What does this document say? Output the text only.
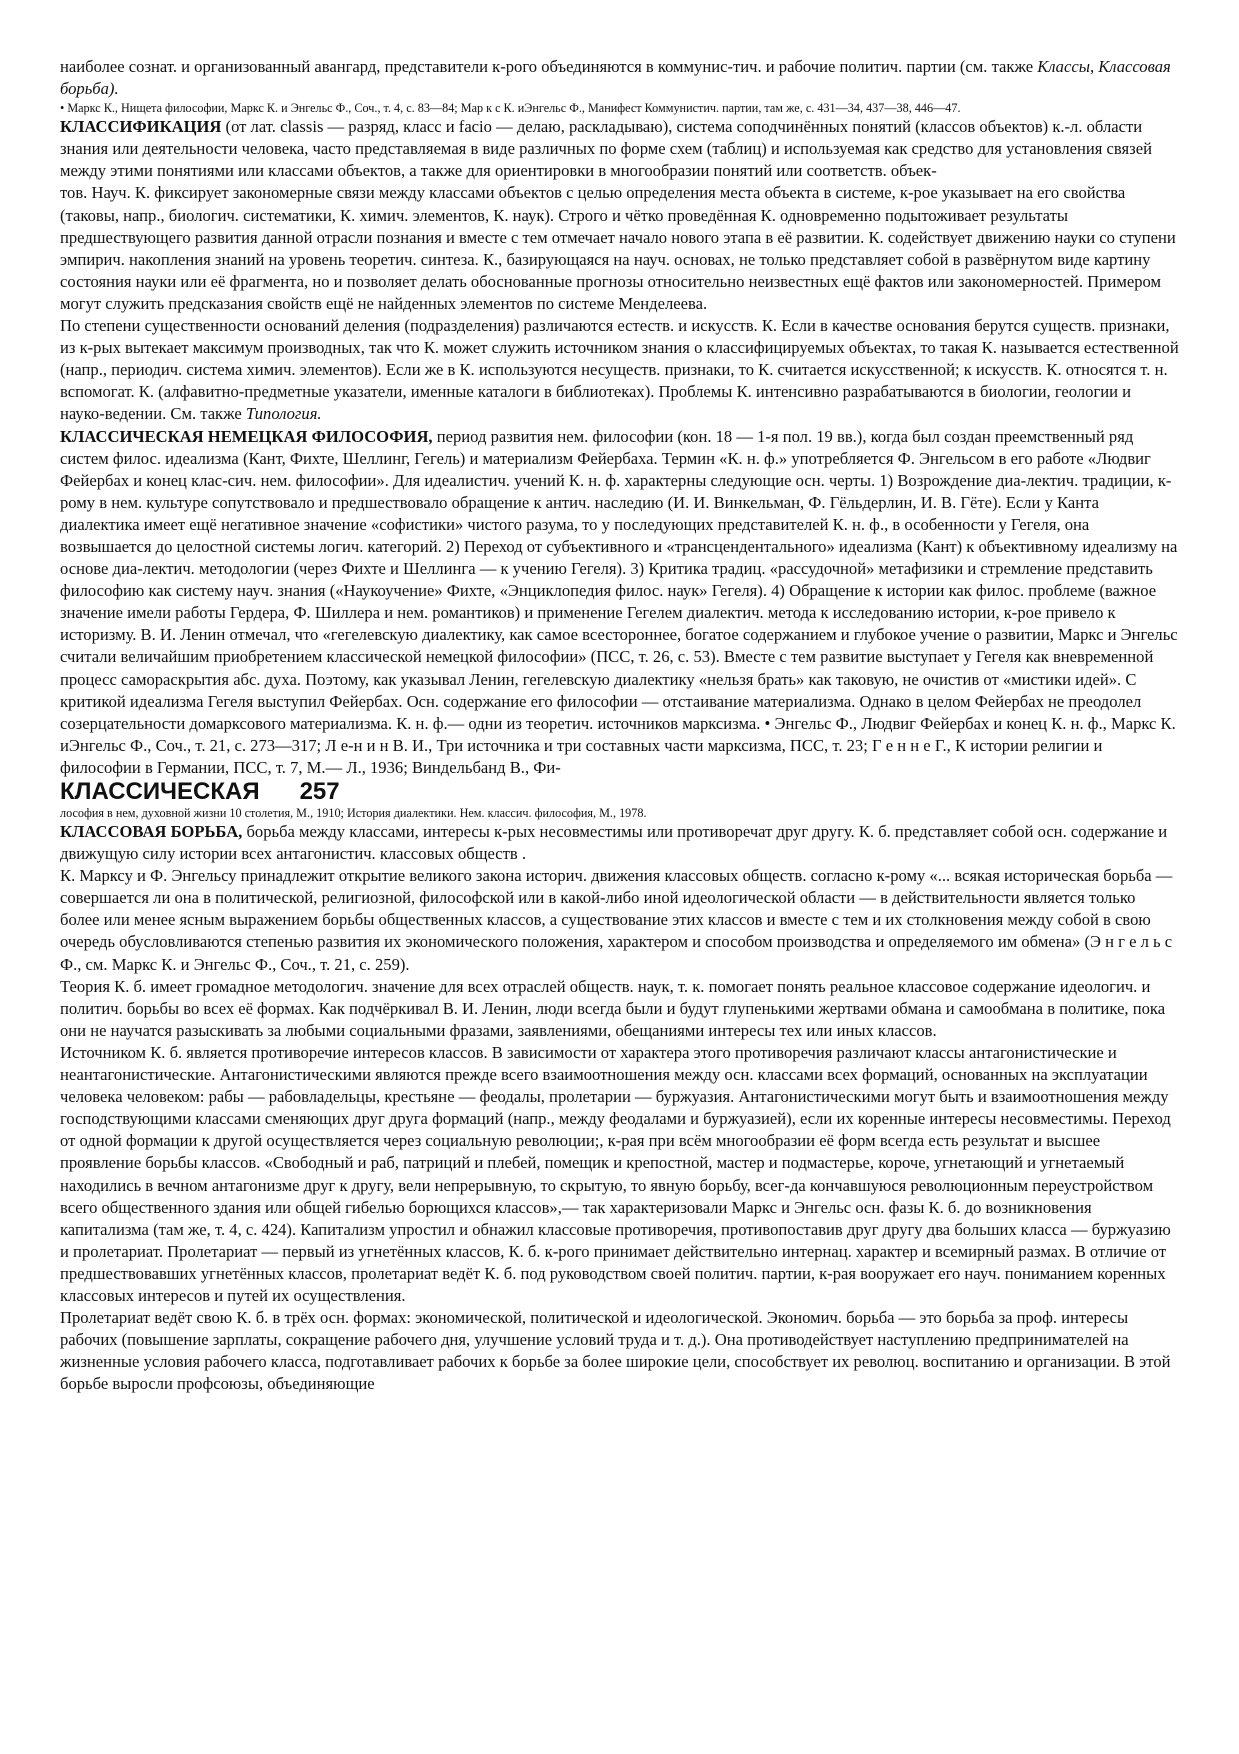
наиболее сознат. и организованный авангард, представители к-рого объединяются в коммунис-тич. и рабочие политич. партии (см. также Классы, Классовая борьба).

• Маркс К., Нищета философии, Маркс К. и Энгельс Ф., Соч., т. 4, с. 83—84; Мар к с К. иЭнгельс Ф., Манифест Коммунистич. партии, там же, с. 431—34, 437—38, 446—47.

КЛАССИФИКАЦИЯ (от лат. classis — разряд, класс и facio — делаю, раскладываю), система соподчинённых понятий (классов объектов) к.-л. области знания или деятельности человека, часто представляемая в виде различных по форме схем (таблиц) и используемая как средство для установления связей между этими понятиями или классами объектов, а также для ориентировки в многообразии понятий или соответств. объек-

тов. Науч. К. фиксирует закономерные связи между классами объектов с целью определения места объекта в системе, к-рое указывает на его свойства (таковы, напр., биологич. систематики, К. химич. элементов, К. наук). Строго и чётко проведённая К. одновременно подытоживает результаты предшествующего развития данной отрасли познания и вместе с тем отмечает начало нового этапа в её развитии. К. содействует движению науки со ступени эмпирич. накопления знаний на уровень теоретич. синтеза. К., базирующаяся на науч. основах, не только представляет собой в развёрнутом виде картину состояния науки или её фрагмента, но и позволяет делать обоснованные прогнозы относительно неизвестных ещё фактов или закономерностей. Примером могут служить предсказания свойств ещё не найденных элементов по системе Менделеева.

По степени существенности оснований деления (подразделения) различаются естеств. и искусств. К. Если в качестве основания берутся существ. признаки, из к-рых вытекает максимум производных, так что К. может служить источником знания о классифицируемых объектах, то такая К. называется естественной (напр., периодич. система химич. элементов). Если же в К. используются несуществ. признаки, то К. считается искусственной; к искусств. К. относятся т. н. вспомогат. К. (алфавитно-предметные указатели, именные каталоги в библиотеках). Проблемы К. интенсивно разрабатываются в биологии, геологии и науко-ведении. См. также Типология.

КЛАССИЧЕСКАЯ НЕМЕЦКАЯ ФИЛОСОФИЯ, период развития нем. философии (кон. 18 — 1-я пол. 19 вв.), когда был создан преемственный ряд систем филос. идеализма (Кант, Фихте, Шеллинг, Гегель) и материализм Фейербаха. Термин «К. н. ф.» употребляется Ф. Энгельсом в его работе «Людвиг Фейербах и конец клас-сич. нем. философии». Для идеалистич. учений К. н. ф. характерны следующие осн. черты. 1) Возрождение диа-лектич. традиции, к-рому в нем. культуре сопутствовало и предшествовало обращение к антич. наследию (И. И. Винкельман, Ф. Гёльдерлин, И. В. Гёте). Если у Канта диалектика имеет ещё негативное значение «софистики» чистого разума, то у последующих представителей К. н. ф., в особенности у Гегеля, она возвышается до целостной системы логич. категорий. 2) Переход от субъективного и «трансцендентального» идеализма (Кант) к объективному идеализму на основе диа-лектич. методологии (через Фихте и Шеллинга — к учению Гегеля). 3) Критика традиц. «рассудочной» метафизики и стремление представить философию как систему науч. знания («Наукоучение» Фихте, «Энциклопедия филос. наук» Гегеля). 4) Обращение к истории как филос. проблеме (важное значение имели работы Гердера, Ф. Шиллера и нем. романтиков) и применение Гегелем диалектич. метода к исследованию истории, к-рое привело к историзму. В. И. Ленин отмечал, что «гегелевскую диалектику, как самое всестороннее, богатое содержанием и глубокое учение о развитии, Маркс и Энгельс считали величайшим приобретением классической немецкой философии» (ПСС, т. 26, с. 53). Вместе с тем развитие выступает у Гегеля как вневременной процесс самораскрытия абс. духа. Поэтому, как указывал Ленин, гегелевскую диалектику «нельзя брать» как таковую, не очистив от «мистики идей». С критикой идеализма Гегеля выступил Фейербах. Осн. содержание его философии — отстаивание материализма. Однако в целом Фейербах не преодолел созерцательности домарксового материализма. К. н. ф.— одни из теоретич. источников марксизма. • Энгельс Ф., Людвиг Фейербах и конец К. н. ф., Маркс К. иЭнгельс Ф., Соч., т. 21, с. 273—317; Л е-н и н В. И., Три источника и три составных части марксизма, ПСС, т. 23; Г е н н е Г., К истории религии и философии в Германии, ПСС, т. 7, М.— Л., 1936; Виндельбанд В., Фи-

КЛАССИЧЕСКАЯ 257

лософия в нем, духовной жизни 10 столетия, М., 1910; История диалектики. Нем. классич. философия, М., 1978.

КЛАССОВАЯ БОРЬБА, борьба между классами, интересы к-рых несовместимы или противоречат друг другу. К. б. представляет собой осн. содержание и движущую силу истории всех антагонистич. классовых обществ .

К. Марксу и Ф. Энгельсу принадлежит открытие великого закона историч. движения классовых обществ. согласно к-рому «... всякая историческая борьба — совершается ли она в политической, религиозной, философской или в какой-либо иной идеологической области — в действительности является только более или менее ясным выражением борьбы общественных классов, а существование этих классов и вместе с тем и их столкновения между собой в свою очередь обусловливаются степенью развития их экономического положения, характером и способом производства и определяемого им обмена» (Э н г е л ь с Ф., см. Маркс К. и Энгельс Ф., Соч., т. 21, с. 259).

Теория К. б. имеет громадное методологич. значение для всех отраслей обществ. наук, т. к. помогает понять реальное классовое содержание идеологич. и политич. борьбы во всех её формах. Как подчёркивал В. И. Ленин, люди всегда были и будут глупенькими жертвами обмана и самообмана в политике, пока они не научатся разыскивать за любыми социальными фразами, заявлениями, обещаниями интересы тех или иных классов.

Источником К. б. является противоречие интересов классов. В зависимости от характера этого противоречия различают классы антагонистические и неантагонистические. Антагонистическими являются прежде всего взаимоотношения между осн. классами всех формаций, основанных на эксплуатации человека человеком: рабы — рабовладельцы, крестьяне — феодалы, пролетарии — буржуазия. Антагонистическими могут быть и взаимоотношения между господствующими классами сменяющих друг друга формаций (напр., между феодалами и буржуазией), если их коренные интересы несовместимы. Переход от одной формации к другой осуществляется через социальную революции;, к-рая при всём многообразии её форм всегда есть результат и высшее проявление борьбы классов. «Свободный и раб, патриций и плебей, помещик и крепостной, мастер и подмастерье, короче, угнетающий и угнетаемый находились в вечном антагонизме друг к другу, вели непрерывную, то скрытую, то явную борьбу, всег-да кончавшуюся революционным переустройством всего общественного здания или общей гибелью борющихся классов»,— так характеризовали Маркс и Энгельс осн. фазы К. б. до возникновения капитализма (там же, т. 4, с. 424). Капитализм упростил и обнажил классовые противоречия, противопоставив друг другу два больших класса — буржуазию и пролетариат. Пролетариат — первый из угнетённых классов, К. б. к-рого принимает действительно интернац. характер и всемирный размах. В отличие от предшествовавших угнетённых классов, пролетариат ведёт К. б. под руководством своей политич. партии, к-рая вооружает его науч. пониманием коренных классовых интересов и путей их осуществления.

Пролетариат ведёт свою К. б. в трёх осн. формах: экономической, политической и идеологической. Экономич. борьба — это борьба за проф. интересы рабочих (повышение зарплаты, сокращение рабочего дня, улучшение условий труда и т. д.). Она противодействует наступлению предпринимателей на жизненные условия рабочего класса, подготавливает рабочих к борьбе за более широкие цели, способствует их революц. воспитанию и организации. В этой борьбе выросли профсоюзы, объединяющие
